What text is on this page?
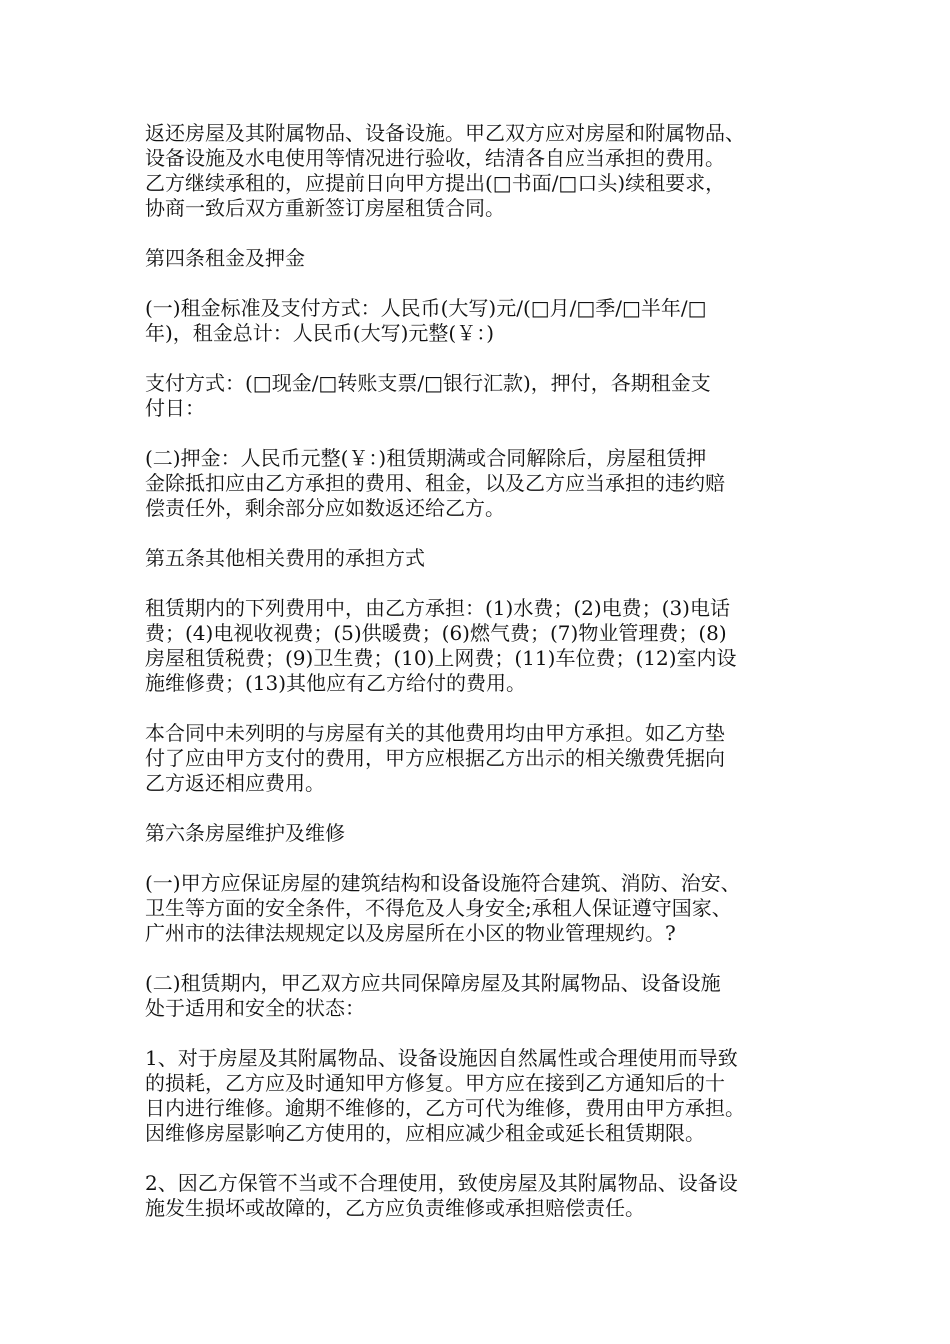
返还房屋及其附属物品、设备设施。甲乙双方应对房屋和附属物品、
设备设施及水电使用等情况进行验收，结清各自应当承担的费用。
乙方继续承租的，应提前日向甲方提出(□书面/□口头)续租要求，
协商一致后双方重新签订房屋租赁合同。
第四条租金及押金
(一)租金标准及支付方式：人民币(大写)元/(□月/□季/□半年/□
年)，租金总计：人民币(大写)元整(￥：)
支付方式：(□现金/□转账支票/□银行汇款)，押付，各期租金支
付日：
(二)押金：人民币元整(￥：)租赁期满或合同解除后，房屋租赁押
金除抵扣应由乙方承担的费用、租金，以及乙方应当承担的违约赔
偿责任外，剩余部分应如数返还给乙方。
第五条其他相关费用的承担方式
租赁期内的下列费用中，由乙方承担：(1)水费；(2)电费；(3)电话
费；(4)电视收视费；(5)供暖费；(6)燃气费；(7)物业管理费；(8)
房屋租赁税费；(9)卫生费；(10)上网费；(11)车位费；(12)室内设
施维修费；(13)其他应有乙方给付的费用。
本合同中未列明的与房屋有关的其他费用均由甲方承担。如乙方垫
付了应由甲方支付的费用，甲方应根据乙方出示的相关缴费凭据向
乙方返还相应费用。
第六条房屋维护及维修
(一)甲方应保证房屋的建筑结构和设备设施符合建筑、消防、治安、
卫生等方面的安全条件，不得危及人身安全;承租人保证遵守国家、
广州市的法律法规规定以及房屋所在小区的物业管理规约。?
(二)租赁期内，甲乙双方应共同保障房屋及其附属物品、设备设施
处于适用和安全的状态：
1、对于房屋及其附属物品、设备设施因自然属性或合理使用而导致
的损耗，乙方应及时通知甲方修复。甲方应在接到乙方通知后的十
日内进行维修。逾期不维修的，乙方可代为维修，费用由甲方承担。
因维修房屋影响乙方使用的，应相应减少租金或延长租赁期限。
2、因乙方保管不当或不合理使用，致使房屋及其附属物品、设备设
施发生损坏或故障的，乙方应负责维修或承担赔偿责任。
